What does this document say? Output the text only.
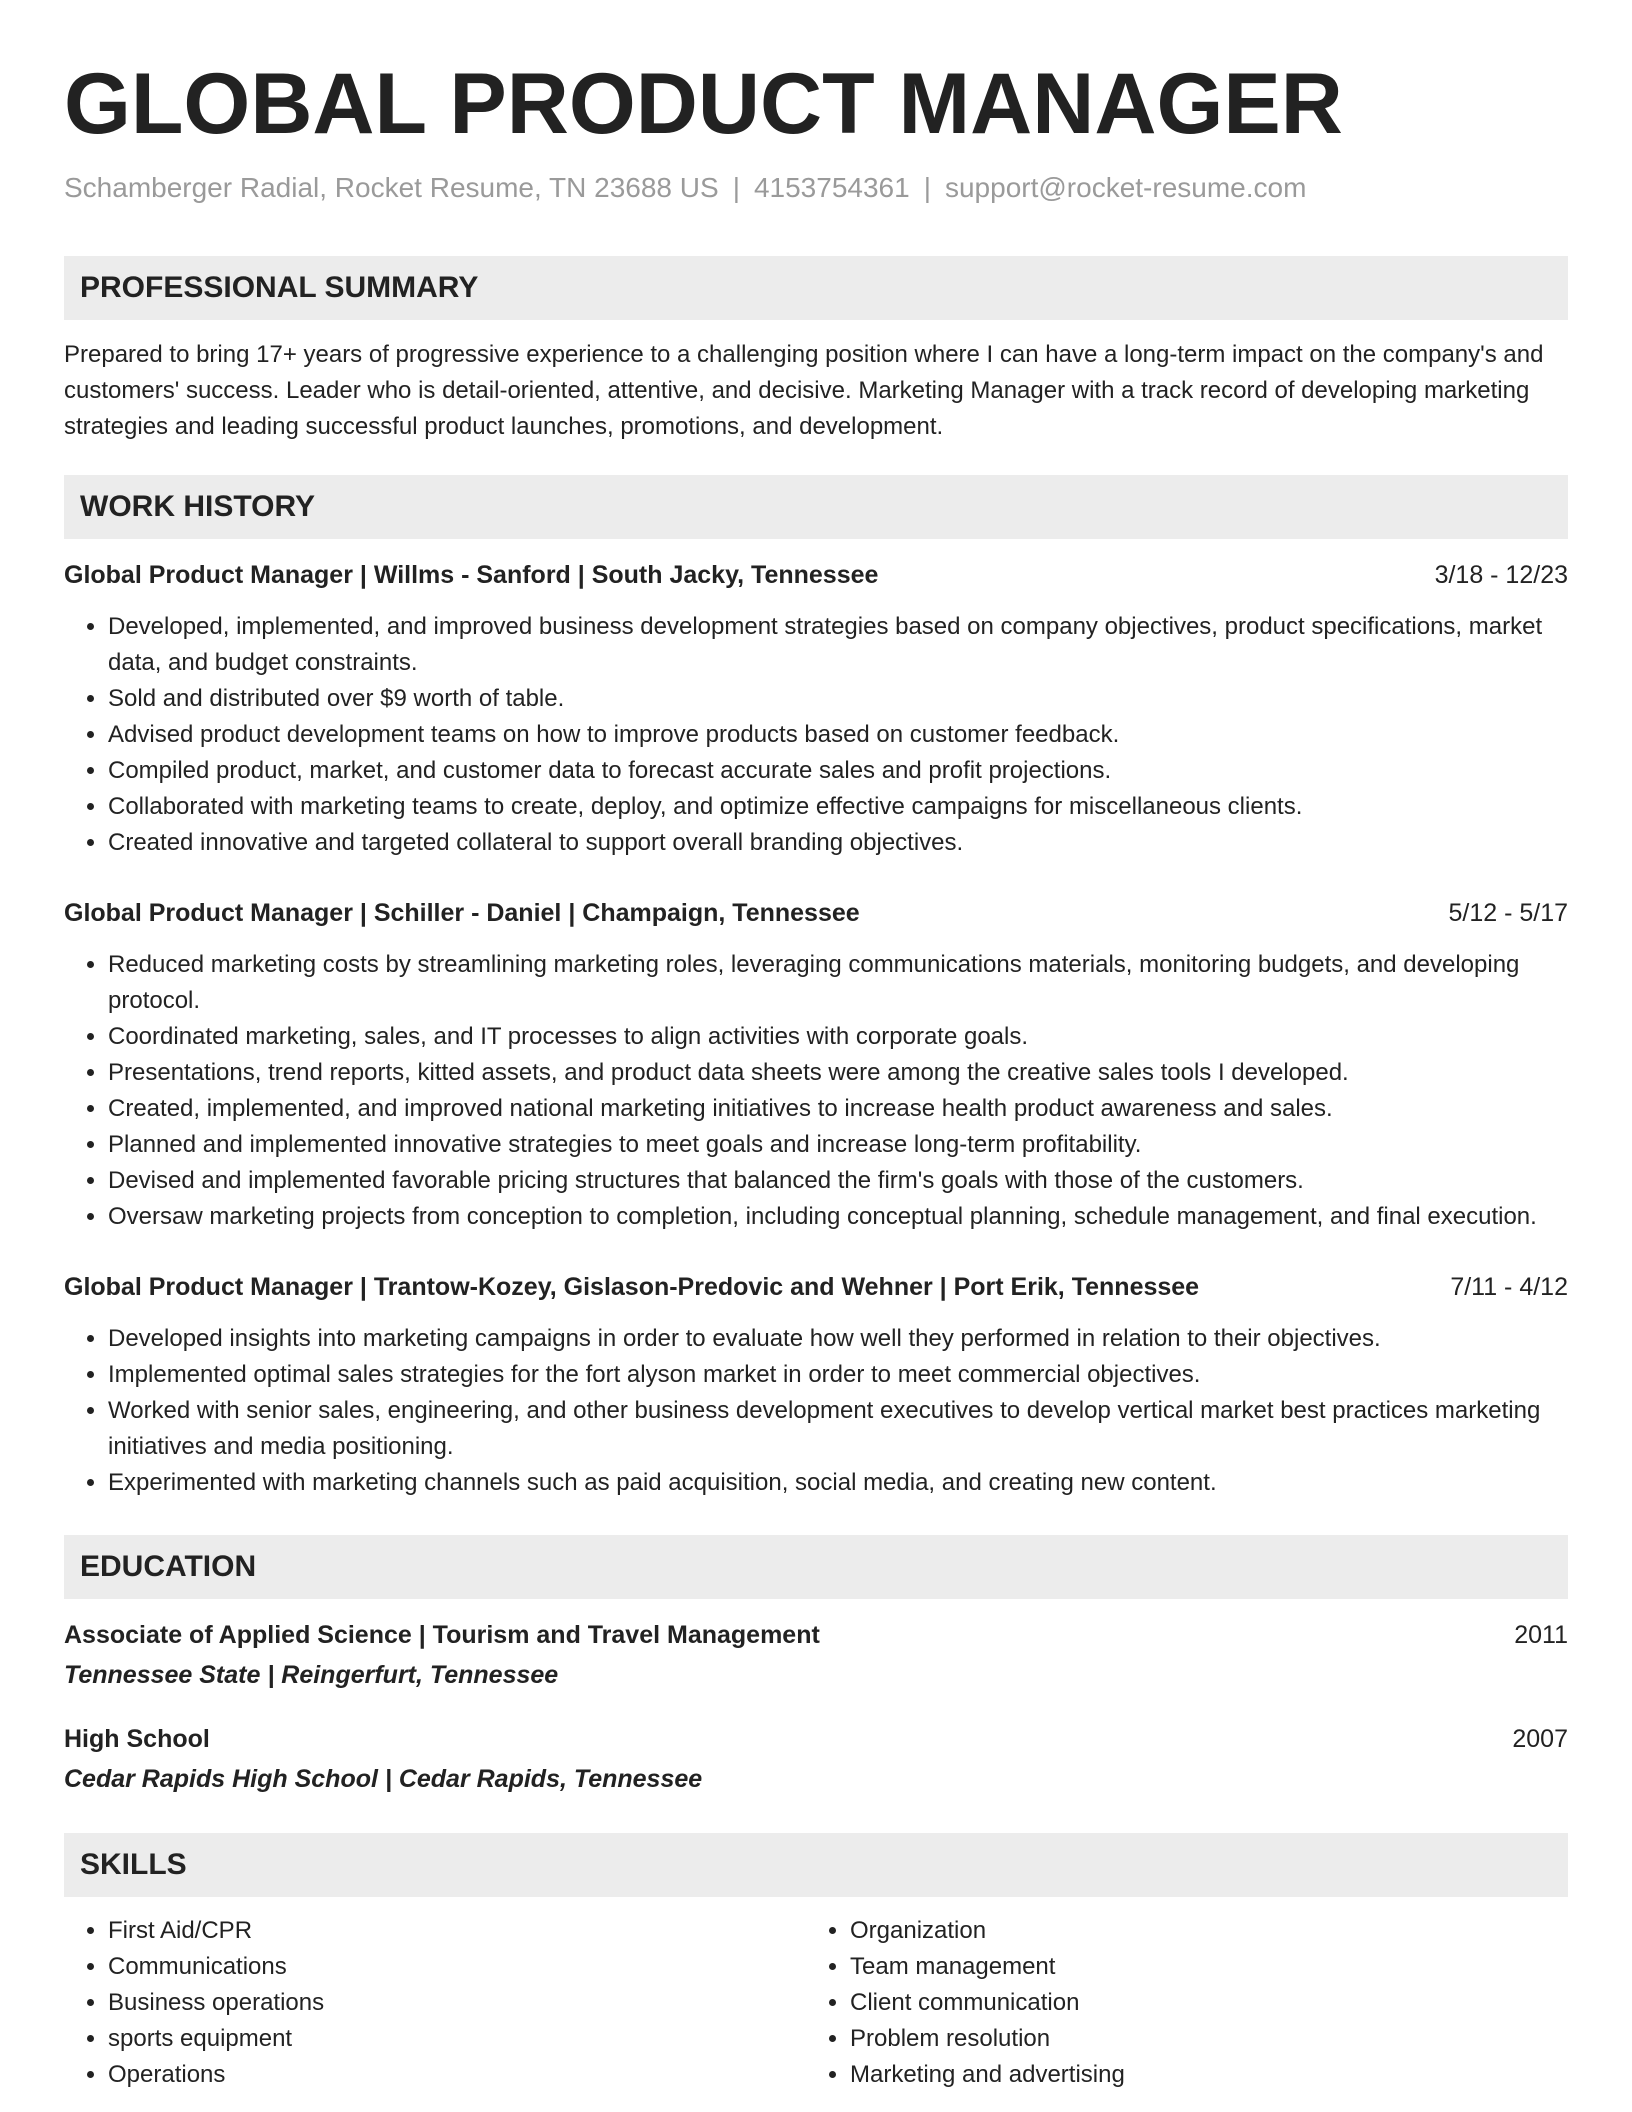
GLOBAL PRODUCT MANAGER
Schamberger Radial, Rocket Resume, TN 23688 US | 4153754361 | support@rocket-resume.com
PROFESSIONAL SUMMARY

Prepared to bring 17+ years of progressive experience to a challenging position where I can have a long-term impact on the company's and customers' success. Leader who is detail-oriented, attentive, and decisive. Marketing Manager with a track record of developing marketing strategies and leading successful product launches, promotions, and development.

WORK HISTORY
Global Product Manager | Willms - Sanford | South Jacky, Tennessee	3/18 - 12/23
• Developed, implemented, and improved business development strategies based on company objectives, product specifications, market data, and budget constraints.
• Sold and distributed over $9 worth of table.
• Advised product development teams on how to improve products based on customer feedback.
• Compiled product, market, and customer data to forecast accurate sales and profit projections.
• Collaborated with marketing teams to create, deploy, and optimize effective campaigns for miscellaneous clients.
• Created innovative and targeted collateral to support overall branding objectives.
Global Product Manager | Schiller - Daniel | Champaign, Tennessee	5/12 - 5/17
• Reduced marketing costs by streamlining marketing roles, leveraging communications materials, monitoring budgets, and developing protocol.
• Coordinated marketing, sales, and IT processes to align activities with corporate goals.
• Presentations, trend reports, kitted assets, and product data sheets were among the creative sales tools I developed.
• Created, implemented, and improved national marketing initiatives to increase health product awareness and sales.
• Planned and implemented innovative strategies to meet goals and increase long-term profitability.
• Devised and implemented favorable pricing structures that balanced the firm's goals with those of the customers.
• Oversaw marketing projects from conception to completion, including conceptual planning, schedule management, and final execution.
Global Product Manager | Trantow-Kozey, Gislason-Predovic and Wehner | Port Erik, Tennessee	7/11 - 4/12
• Developed insights into marketing campaigns in order to evaluate how well they performed in relation to their objectives.
• Implemented optimal sales strategies for the fort alyson market in order to meet commercial objectives.
• Worked with senior sales, engineering, and other business development executives to develop vertical market best practices marketing initiatives and media positioning.
• Experimented with marketing channels such as paid acquisition, social media, and creating new content.
EDUCATION
Associate of Applied Science | Tourism and Travel Management	2011
Tennessee State | Reingerfurt, Tennessee
High School	2007
Cedar Rapids High School | Cedar Rapids, Tennessee
SKILLS
• First Aid/CPR
• Communications
• Business operations
• sports equipment
• Operations
• Organization
• Team management
• Client communication
• Problem resolution
• Marketing and advertising
